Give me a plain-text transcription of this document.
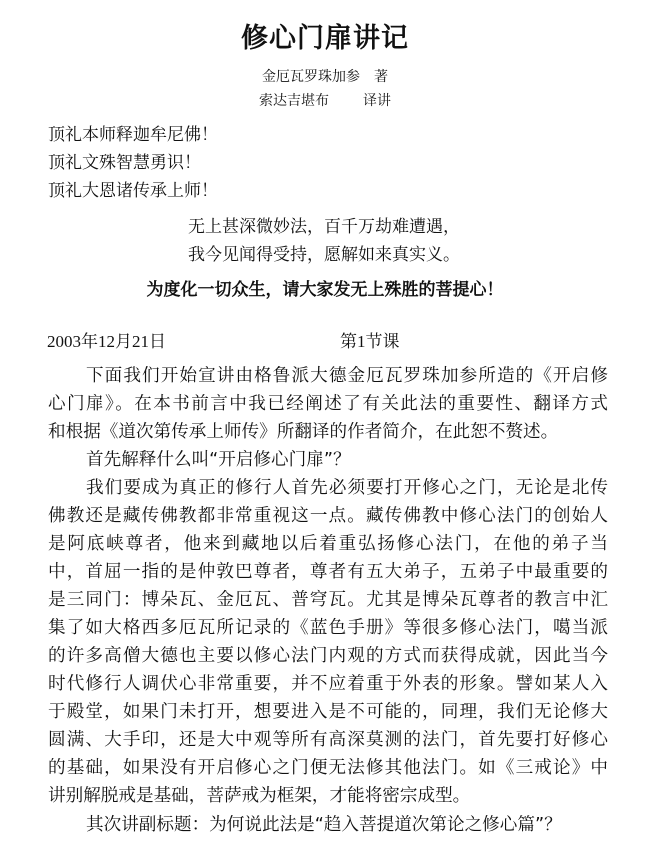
修心门扉讲记
金厄瓦罗珠加参 著
索达吉堪布 译讲
顶礼本师释迦牟尼佛！
顶礼文殊智慧勇识！
顶礼大恩诸传承上师！
无上甚深微妙法，百千万劫难遭遇，
我今见闻得受持，愿解如来真实义。
为度化一切众生，请大家发无上殊胜的菩提心！
2003年12月21日	第1节课
下面我们开始宣讲由格鲁派大德金厄瓦罗珠加参所造的《开启修
心门扉》。在本书前言中我已经阐述了有关此法的重要性、翻译方式
和根据《道次第传承上师传》所翻译的作者简介，在此恕不赘述。
首先解释什么叫“开启修心门扉”？
我们要成为真正的修行人首先必须要打开修心之门，无论是北传
佛教还是藏传佛教都非常重视这一点。藏传佛教中修心法门的创始人
是阿底峡尊者，他来到藏地以后着重弘扬修心法门，在他的弟子当
中，首屈一指的是仲敦巴尊者，尊者有五大弟子，五弟子中最重要的
是三同门：博朵瓦、金厄瓦、普穹瓦。尤其是博朵瓦尊者的教言中汇
集了如大格西多厄瓦所记录的《蓝色手册》等很多修心法门，噶当派
的许多高僧大德也主要以修心法门内观的方式而获得成就，因此当今
时代修行人调伏心非常重要，并不应着重于外表的形象。譬如某人入
于殿堂，如果门未打开，想要进入是不可能的，同理，我们无论修大
圆满、大手印，还是大中观等所有高深莫测的法门，首先要打好修心
的基础，如果没有开启修心之门便无法修其他法门。如《三戒论》中
讲别解脱戒是基础，菩萨戒为框架，才能将密宗成型。
其次讲副标题：为何说此法是“趋入菩提道次第论之修心篇”？
